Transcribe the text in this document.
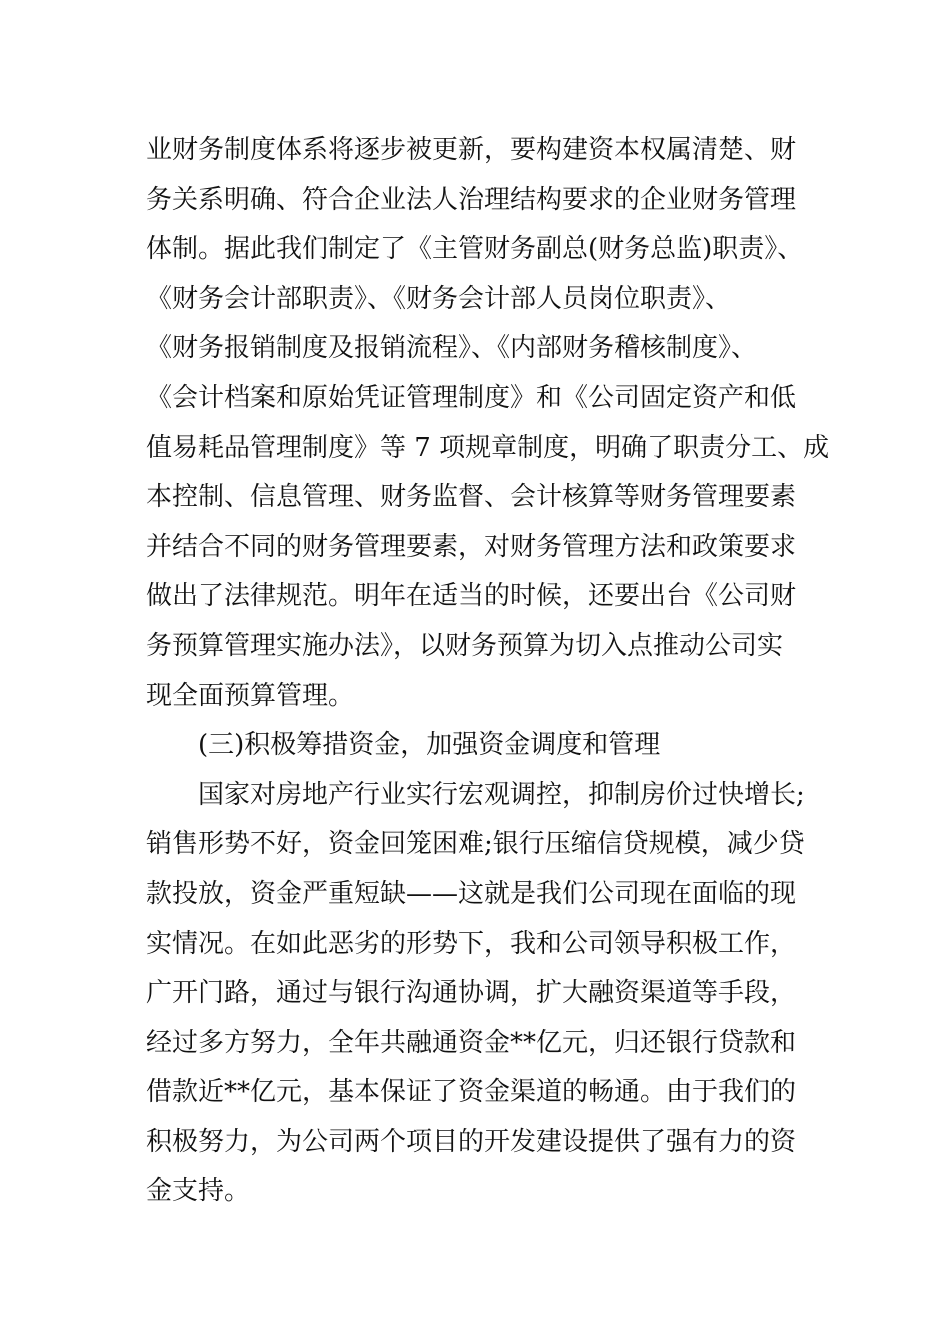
业财务制度体系将逐步被更新，要构建资本权属清楚、财
务关系明确、符合企业法人治理结构要求的企业财务管理
体制。据此我们制定了《主管财务副总(财务总监)职责》、
《财务会计部职责》、《财务会计部人员岗位职责》、
《财务报销制度及报销流程》、《内部财务稽核制度》、
《会计档案和原始凭证管理制度》和《公司固定资产和低
值易耗品管理制度》等 7 项规章制度，明确了职责分工、成
本控制、信息管理、财务监督、会计核算等财务管理要素
并结合不同的财务管理要素，对财务管理方法和政策要求
做出了法律规范。明年在适当的时候，还要出台《公司财
务预算管理实施办法》，以财务预算为切入点推动公司实
现全面预算管理。
(三)积极筹措资金，加强资金调度和管理
国家对房地产行业实行宏观调控，抑制房价过快增长;
销售形势不好，资金回笼困难;银行压缩信贷规模，减少贷
款投放，资金严重短缺——这就是我们公司现在面临的现
实情况。在如此恶劣的形势下，我和公司领导积极工作，
广开门路，通过与银行沟通协调，扩大融资渠道等手段，
经过多方努力，全年共融通资金**亿元，归还银行贷款和
借款近**亿元，基本保证了资金渠道的畅通。由于我们的
积极努力，为公司两个项目的开发建设提供了强有力的资
金支持。
